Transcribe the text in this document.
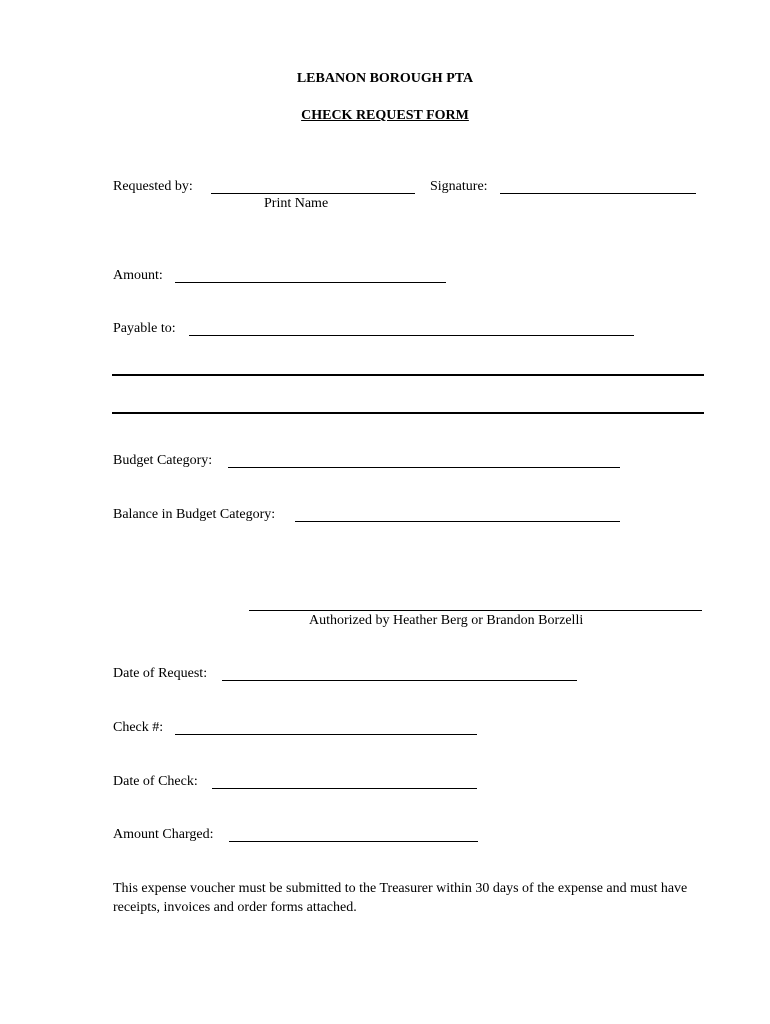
LEBANON BOROUGH PTA
CHECK REQUEST FORM
Requested by:
Print Name
Signature:
Amount:
Payable to:
Budget Category:
Balance in Budget Category:
Authorized by Heather Berg or Brandon Borzelli
Date of Request:
Check #:
Date of Check:
Amount Charged:
This expense voucher must be submitted to the Treasurer within 30 days of the expense and must have receipts, invoices and order forms attached.
